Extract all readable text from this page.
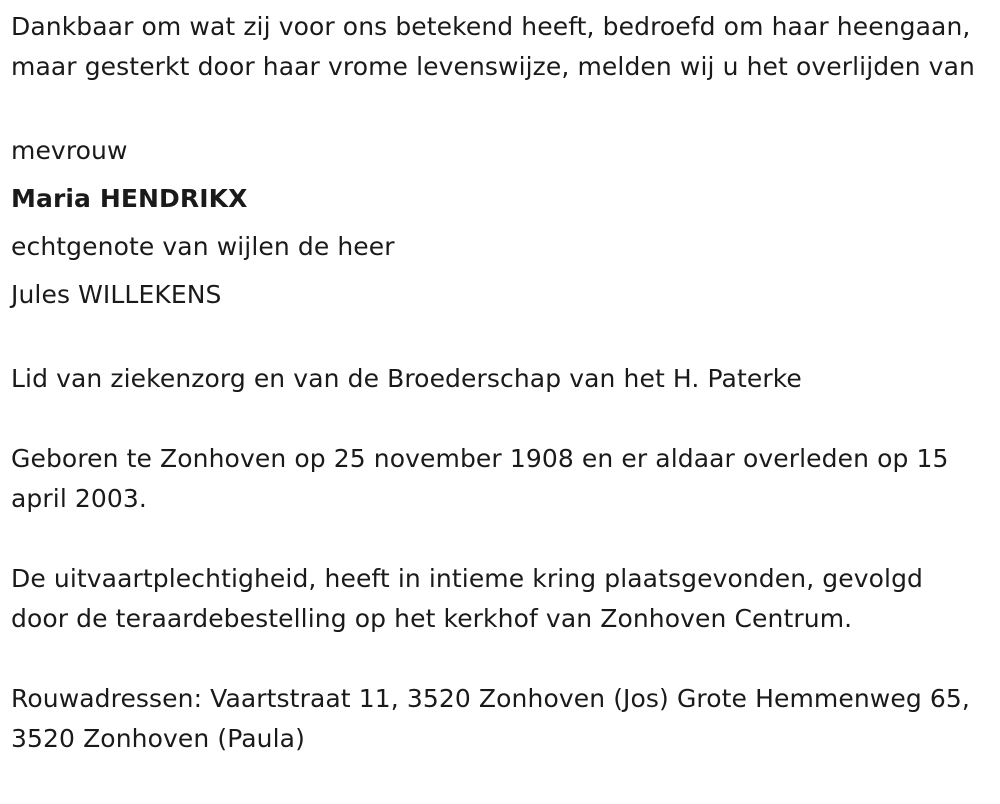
Dankbaar om wat zij voor ons betekend heeft, bedroefd om haar heengaan, maar gesterkt door haar vrome levenswijze, melden wij u het overlijden van

mevrouw

Maria HENDRIKX

echtgenote van wijlen de heer

Jules WILLEKENS

Lid van ziekenzorg en van de Broederschap van het H. Paterke

Geboren te Zonhoven op 25 november 1908 en er aldaar overleden op 15 april 2003.

De uitvaartplechtigheid, heeft in intieme kring plaatsgevonden, gevolgd door de teraardebestelling op het kerkhof van Zonhoven Centrum.

Rouwadressen: Vaartstraat 11, 3520 Zonhoven (Jos) Grote Hemmenweg 65, 3520 Zonhoven (Paula)
